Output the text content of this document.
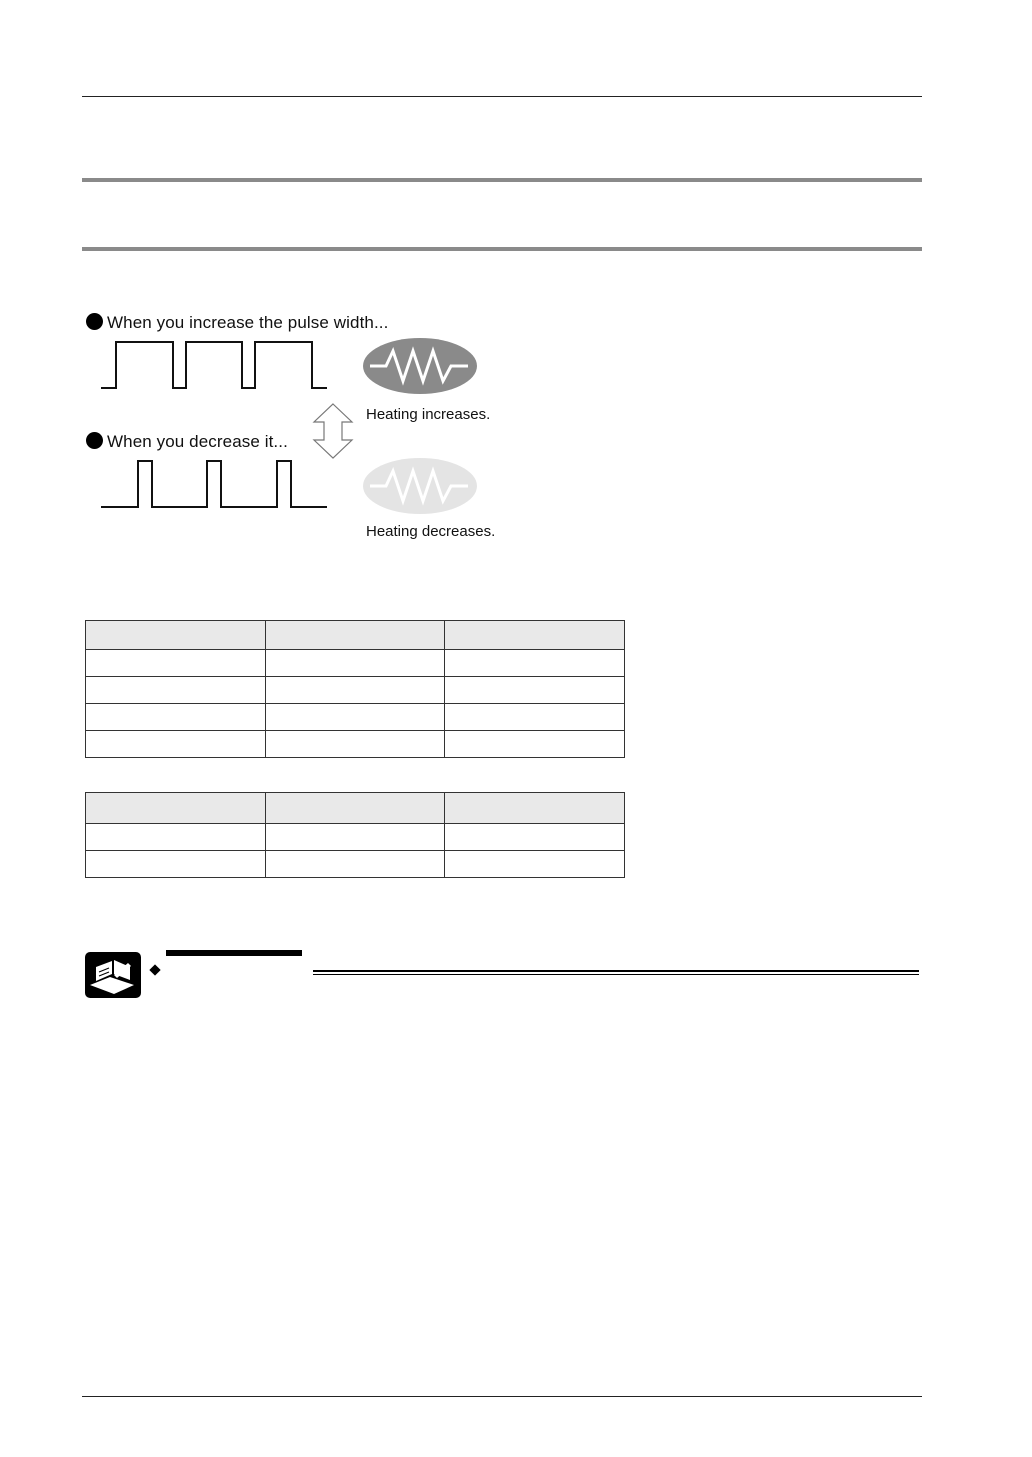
When you increase the pulse width...
Heating increases.
When you decrease it...
Heating decreases.
